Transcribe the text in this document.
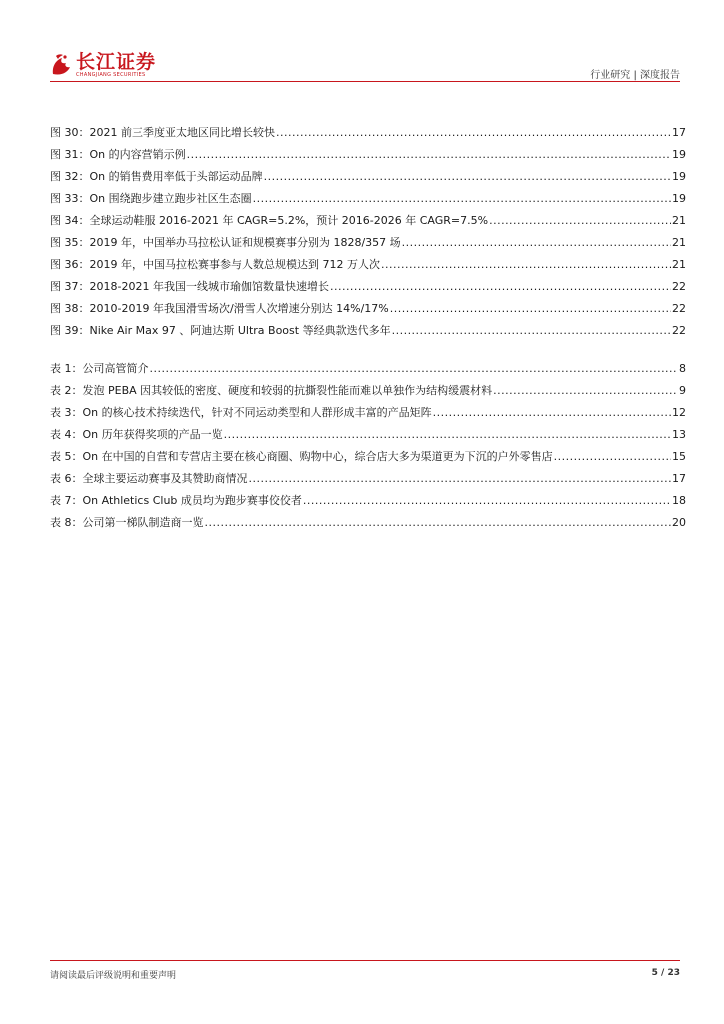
长江证券
CHANGJIANG SECURITIES	行业研究 | 深度报告
图 30：2021 前三季度亚太地区同比增长较快 .....	17
图 31：On 的内容营销示例 .....	19
图 32：On 的销售费用率低于头部运动品牌 .....	19
图 33：On 围绕跑步建立跑步社区生态圈 .....	19
图 34：全球运动鞋服 2016-2021 年 CAGR=5.2%，预计 2016-2026 年 CAGR=7.5% .....	21
图 35：2019 年，中国举办马拉松认证和规模赛事分别为 1828/357 场 .....	21
图 36：2019 年，中国马拉松赛事参与人数总规模达到 712 万人次 .....	21
图 37：2018-2021 年我国一线城市瑜伽馆数量快速增长 .....	22
图 38：2010-2019 年我国滑雪场次/滑雪人次增速分别达 14%/17% .....	22
图 39：Nike Air Max 97 、阿迪达斯 Ultra Boost 等经典款迭代多年 .....	22
表 1：公司高管简介 .....	8
表 2：发泡 PEBA 因其较低的密度、硬度和较弱的抗撕裂性能而难以单独作为结构缓震材料 .....	9
表 3：On 的核心技术持续迭代，针对不同运动类型和人群形成丰富的产品矩阵 .....	12
表 4：On 历年获得奖项的产品一览 .....	13
表 5：On 在中国的自营和专营店主要在核心商圈、购物中心，综合店大多为渠道更为下沉的户外零售店 .....	15
表 6：全球主要运动赛事及其赞助商情况 .....	17
表 7：On Athletics Club 成员均为跑步赛事佼佼者 .....	18
表 8：公司第一梯队制造商一览 .....	20
请阅读最后评级说明和重要声明	5 / 23
